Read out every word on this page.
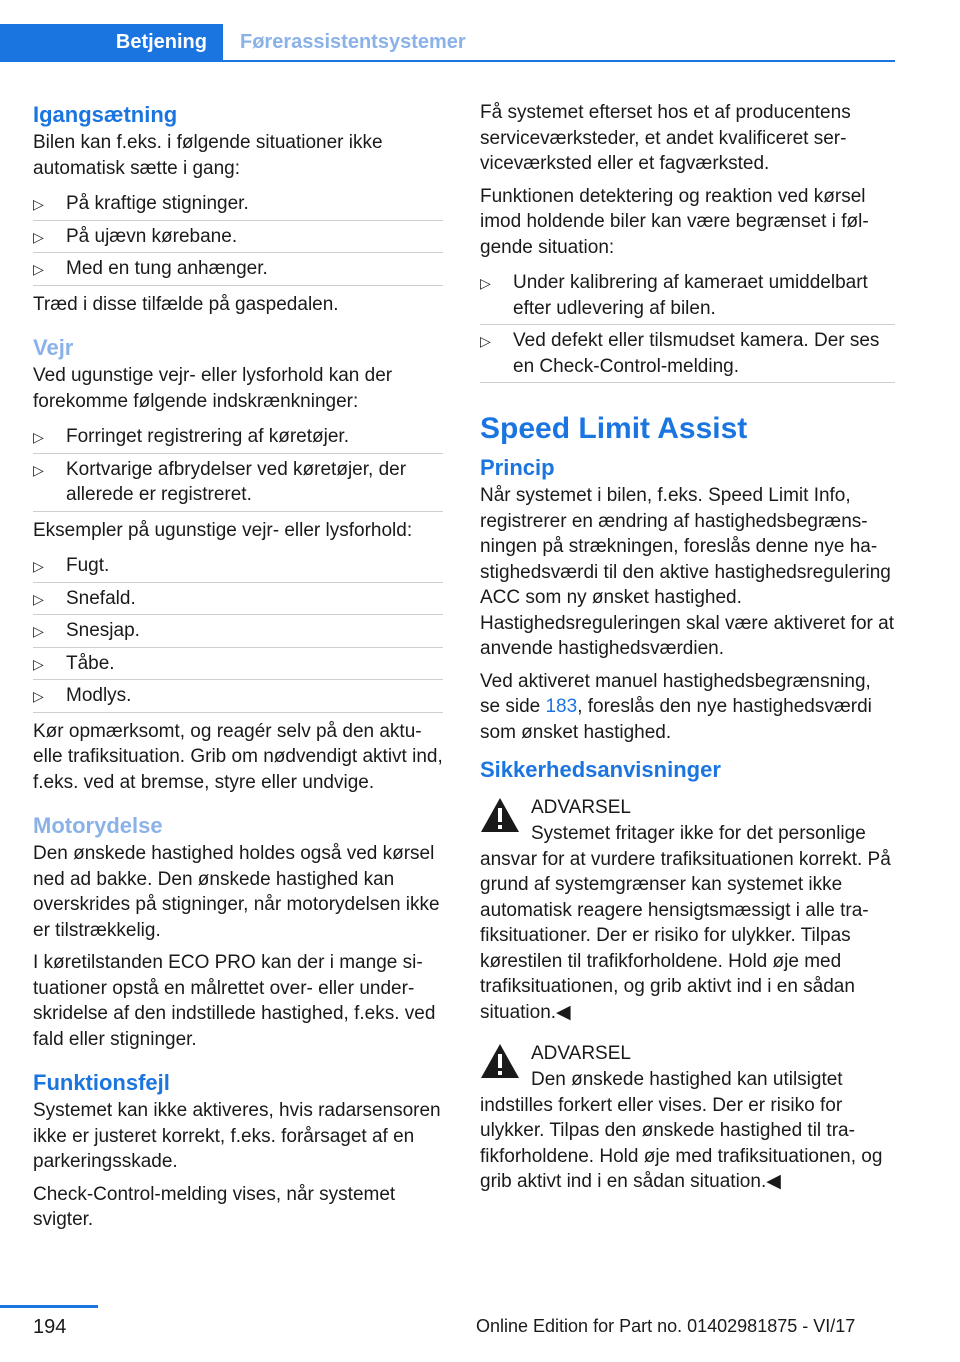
Betjening	Førerassistentsystemer
Igangsætning

Bilen kan f.eks. i følgende situationer ikke automatisk sætte i gang:

▷ På kraftige stigninger.
▷ På ujævn kørebane.
▷ Med en tung anhænger.

Træd i disse tilfælde på gaspedalen.

Vejr

Ved ugunstige vejr- eller lysforhold kan der forekomme følgende indskrænkninger:

▷ Forringet registrering af køretøjer.
▷ Kortvarige afbrydelser ved køretøjer, der allerede er registreret.

Eksempler på ugunstige vejr- eller lysforhold:

▷ Fugt.
▷ Snefald.
▷ Snesjap.
▷ Tåbe.
▷ Modlys.

Kør opmærksomt, og reagér selv på den aktuelle trafiksituation. Grib om nødvendigt aktivt ind, f.eks. ved at bremse, styre eller undvige.

Motorydelse

Den ønskede hastighed holdes også ved kørsel ned ad bakke. Den ønskede hastighed kan overskrides på stigninger, når motorydelsen ikke er tilstrækkelig.

I køretilstanden ECO PRO kan der i mange situationer opstå en målrettet over- eller underskridelse af den indstillede hastighed, f.eks. ved fald eller stigninger.

Funktionsfejl

Systemet kan ikke aktiveres, hvis radarsensoren ikke er justeret korrekt, f.eks. forårsaget af en parkeringsskade.

Check-Control-melding vises, når systemet svigter.

Få systemet efterset hos et af producentens serviceværksteder, et andet kvalificeret serviceværksted eller et fagværksted.

Funktionen detektering og reaktion ved kørsel imod holdende biler kan være begrænset i følgende situation:

▷ Under kalibrering af kameraet umiddelbart efter udlevering af bilen.
▷ Ved defekt eller tilsmudset kamera. Der ses en Check-Control-melding.
Speed Limit Assist
Princip

Når systemet i bilen, f.eks. Speed Limit Info, registrerer en ændring af hastighedsbegrænsningen på strækningen, foreslås denne nye hastighedsværdi til den aktive hastighedsregulering ACC som ny ønsket hastighed. Hastighedsreguleringen skal være aktiveret for at anvende hastighedsværdien.

Ved aktiveret manuel hastighedsbegrænsning, se side 183, foreslås den nye hastighedsværdi som ønsket hastighed.

Sikkerhedsanvisninger
ADVARSEL
Systemet fritager ikke for det personlige
ansvar for at vurdere trafiksituationen korrekt. På grund af systemgrænser kan systemet ikke automatisk reagere hensigtsmæssigt i alle trafiksituationer. Der er risiko for ulykker. Tilpas kørestilen til trafikforholdene. Hold øje med trafiksituationen, og grib aktivt ind i en sådan situation.◀
ADVARSEL
Den ønskede hastighed kan utilsigtet
indstilles forkert eller vises. Der er risiko for ulykker. Tilpas den ønskede hastighed til trafikforholdene. Hold øje med trafiksituationen, og grib aktivt ind i en sådan situation.◀
194	Online Edition for Part no. 01402981875 - VI/17
